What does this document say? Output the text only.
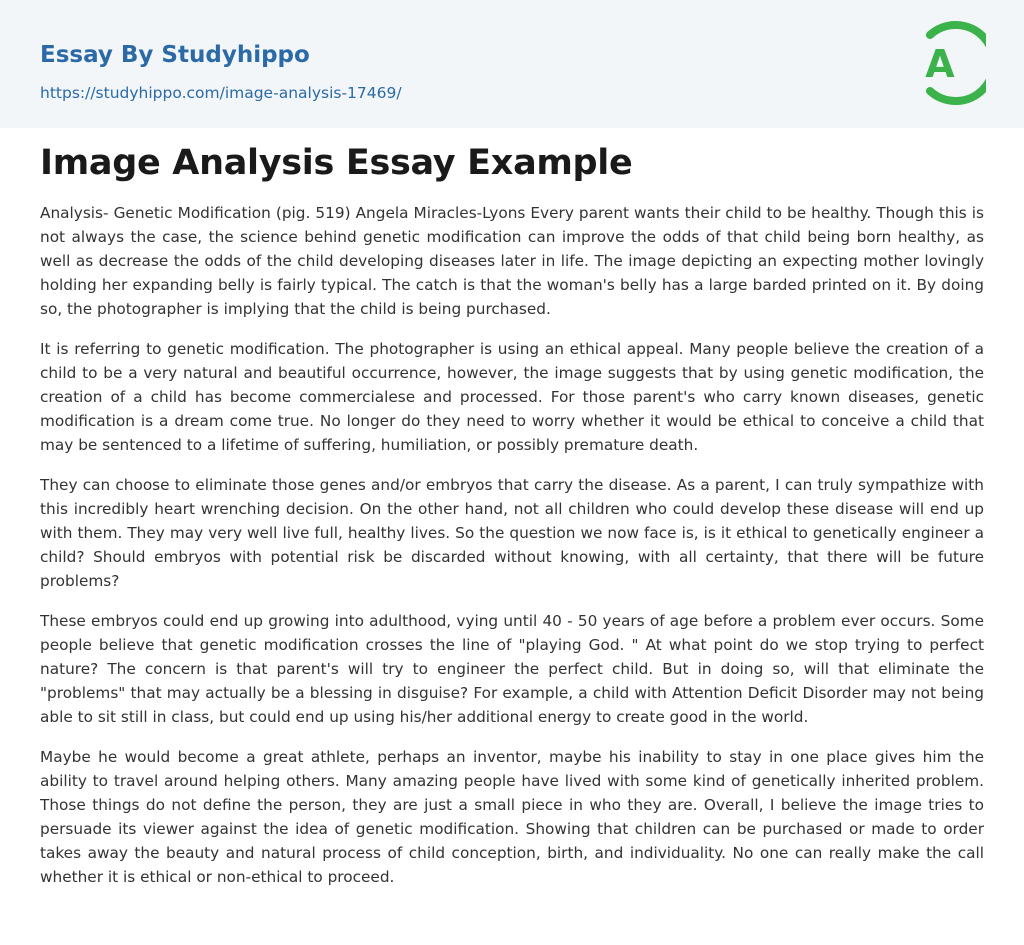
Essay By Studyhippo
https://studyhippo.com/image-analysis-17469/
A
Image Analysis Essay Example

Analysis- Genetic Modification (pig. 519) Angela Miracles-Lyons Every parent wants their child to be healthy. Though this is not always the case, the science behind genetic modification can improve the odds of that child being born healthy, as well as decrease the odds of the child developing diseases later in life. The image depicting an expecting mother lovingly holding her expanding belly is fairly typical. The catch is that the woman's belly has a large barded printed on it. By doing so, the photographer is implying that the child is being purchased.

It is referring to genetic modification. The photographer is using an ethical appeal. Many people believe the creation of a child to be a very natural and beautiful occurrence, however, the image suggests that by using genetic modification, the creation of a child has become commercialese and processed. For those parent's who carry known diseases, genetic modification is a dream come true. No longer do they need to worry whether it would be ethical to conceive a child that may be sentenced to a lifetime of suffering, humiliation, or possibly premature death.

They can choose to eliminate those genes and/or embryos that carry the disease. As a parent, I can truly sympathize with this incredibly heart wrenching decision. On the other hand, not all children who could develop these disease will end up with them. They may very well live full, healthy lives. So the question we now face is, is it ethical to genetically engineer a child? Should embryos with potential risk be discarded without knowing, with all certainty, that there will be future problems?

These embryos could end up growing into adulthood, vying until 40 - 50 years of age before a problem ever occurs. Some people believe that genetic modification crosses the line of "playing God. " At what point do we stop trying to perfect nature? The concern is that parent's will try to engineer the perfect child. But in doing so, will that eliminate the "problems" that may actually be a blessing in disguise? For example, a child with Attention Deficit Disorder may not being able to sit still in class, but could end up using his/her additional energy to create good in the world.

Maybe he would become a great athlete, perhaps an inventor, maybe his inability to stay in one place gives him the ability to travel around helping others. Many amazing people have lived with some kind of genetically inherited problem. Those things do not define the person, they are just a small piece in who they are. Overall, I believe the image tries to persuade its viewer against the idea of genetic modification. Showing that children can be purchased or made to order takes away the beauty and natural process of child conception, birth, and individuality. No one can really make the call whether it is ethical or non-ethical to proceed.
